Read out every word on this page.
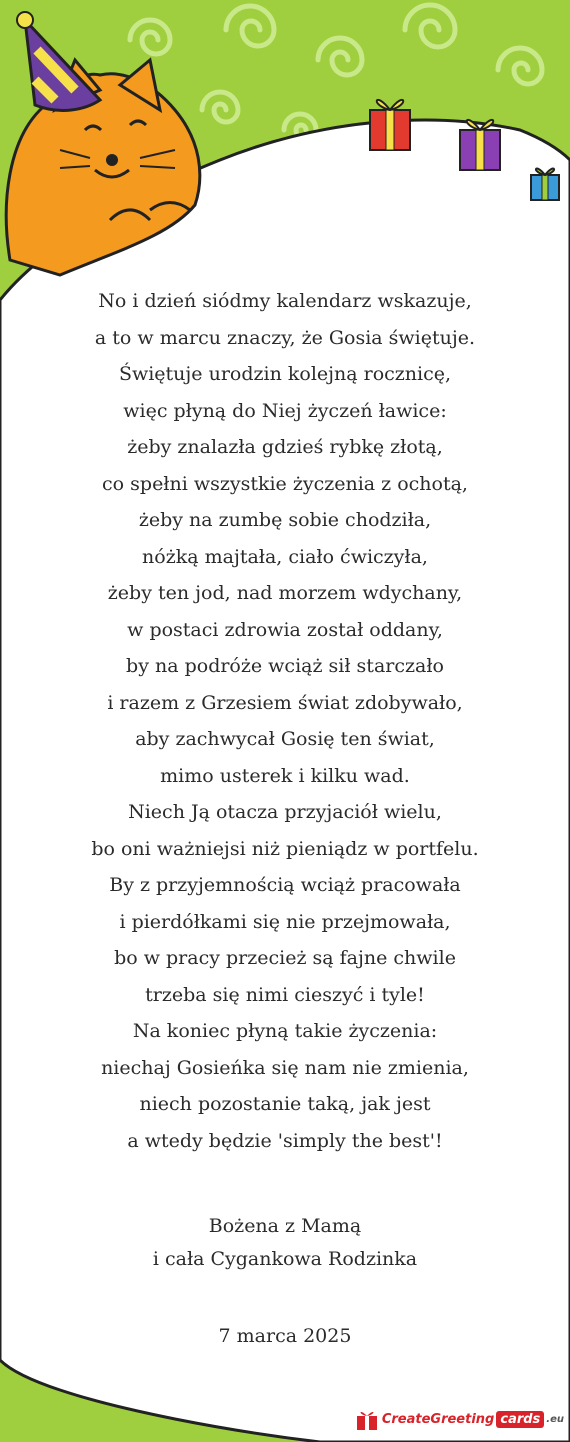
No i dzień siódmy kalendarz wskazuje,
a to w marcu znaczy, że Gosia świętuje.
Świętuje urodzin kolejną rocznicę,
więc płyną do Niej życzeń ławice:
żeby znalazła gdzieś rybkę złotą,
co spełni wszystkie życzenia z ochotą,
żeby na zumbę sobie chodziła,
nóżką majtała, ciało ćwiczyła,
żeby ten jod, nad morzem wdychany,
w postaci zdrowia został oddany,
by na podróże wciąż sił starczało
i razem z Grzesiem świat zdobywało,
aby zachwycał Gosię ten świat,
mimo usterek i kilku wad.
Niech Ją otacza przyjaciół wielu,
bo oni ważniejsi niż pieniądz w portfelu.
By z przyjemnością wciąż pracowała
i pierdółkami się nie przejmowała,
bo w pracy przecież są fajne chwile
trzeba się nimi cieszyć i tyle!
Na koniec płyną takie życzenia:
niechaj Gosieńka się nam nie zmienia,
niech pozostanie taką, jak jest
a wtedy będzie 'simply the best'!
Bożena z Mamą
i cała Cygankowa Rodzinka
7 marca 2025
CreateGreeting cards .eu
